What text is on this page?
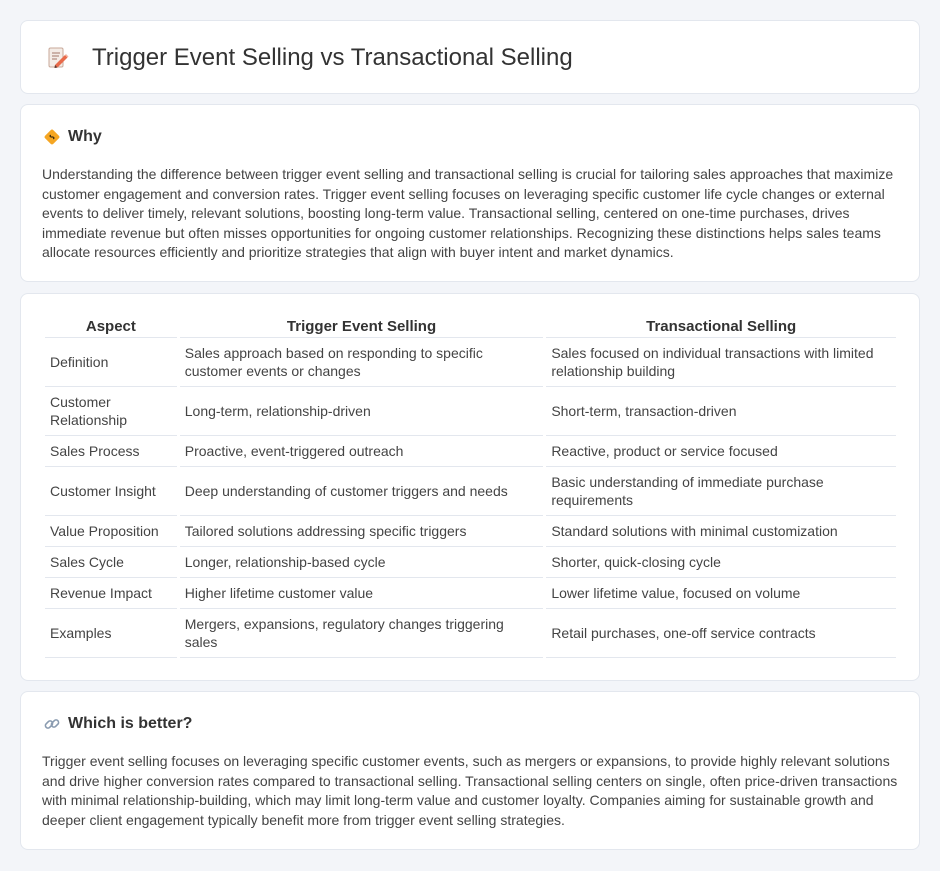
Trigger Event Selling vs Transactional Selling
Why

Understanding the difference between trigger event selling and transactional selling is crucial for tailoring sales approaches that maximize customer engagement and conversion rates. Trigger event selling focuses on leveraging specific customer life cycle changes or external events to deliver timely, relevant solutions, boosting long-term value. Transactional selling, centered on one-time purchases, drives immediate revenue but often misses opportunities for ongoing customer relationships. Recognizing these distinctions helps sales teams allocate resources efficiently and prioritize strategies that align with buyer intent and market dynamics.

Aspect	Trigger Event Selling	Transactional Selling
Definition	Sales approach based on responding to specific customer events or changes	Sales focused on individual transactions with limited relationship building
Customer Relationship	Long-term, relationship-driven	Short-term, transaction-driven
Sales Process	Proactive, event-triggered outreach	Reactive, product or service focused
Customer Insight	Deep understanding of customer triggers and needs	Basic understanding of immediate purchase requirements
Value Proposition	Tailored solutions addressing specific triggers	Standard solutions with minimal customization
Sales Cycle	Longer, relationship-based cycle	Shorter, quick-closing cycle
Revenue Impact	Higher lifetime customer value	Lower lifetime value, focused on volume
Examples	Mergers, expansions, regulatory changes triggering sales	Retail purchases, one-off service contracts
Which is better?

Trigger event selling focuses on leveraging specific customer events, such as mergers or expansions, to provide highly relevant solutions and drive higher conversion rates compared to transactional selling. Transactional selling centers on single, often price-driven transactions with minimal relationship-building, which may limit long-term value and customer loyalty. Companies aiming for sustainable growth and deeper client engagement typically benefit more from trigger event selling strategies.
